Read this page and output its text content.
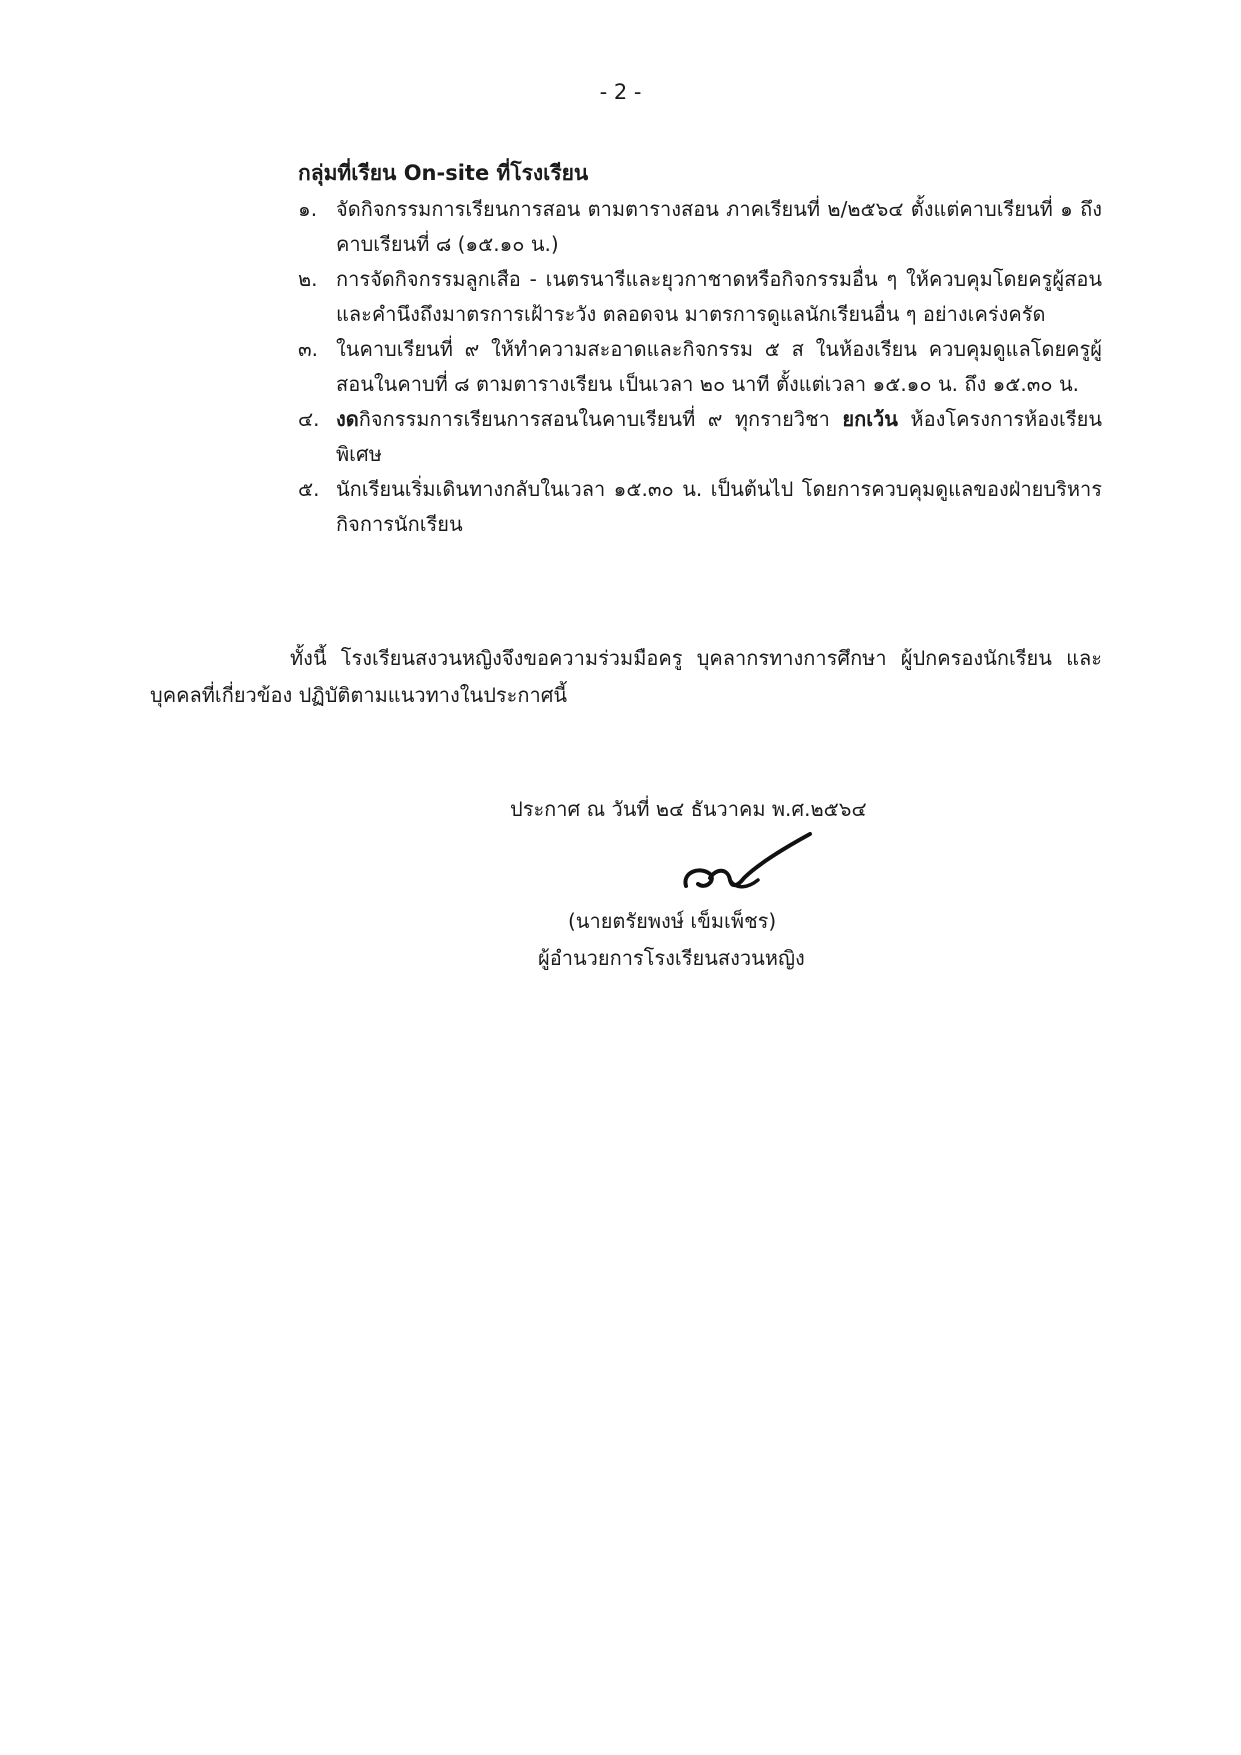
- 2 -
กลุ่มที่เรียน On-site ที่โรงเรียน
๑. จัดกิจกรรมการเรียนการสอน ตามตารางสอน ภาคเรียนที่ ๒/๒๕๖๔ ตั้งแต่คาบเรียนที่ ๑ ถึงคาบเรียนที่ ๘ (๑๕.๑๐ น.)
๒. การจัดกิจกรรมลูกเสือ - เนตรนารีและยุวกาชาดหรือกิจกรรมอื่น ๆ ให้ควบคุมโดยครูผู้สอนและคำนึงถึงมาตรการเฝ้าระวัง ตลอดจน มาตรการดูแลนักเรียนอื่น ๆ อย่างเคร่งครัด
๓. ในคาบเรียนที่ ๙ ให้ทำความสะอาดและกิจกรรม ๕ ส ในห้องเรียน ควบคุมดูแลโดยครูผู้สอนในคาบที่ ๘ ตามตารางเรียน เป็นเวลา ๒๐ นาที ตั้งแต่เวลา ๑๕.๑๐ น. ถึง ๑๕.๓๐ น.
๔. งดกิจกรรมการเรียนการสอนในคาบเรียนที่ ๙ ทุกรายวิชา ยกเว้น ห้องโครงการห้องเรียนพิเศษ
๕. นักเรียนเริ่มเดินทางกลับในเวลา ๑๕.๓๐ น. เป็นต้นไป โดยการควบคุมดูแลของฝ่ายบริหารกิจการนักเรียน

ทั้งนี้ โรงเรียนสงวนหญิงจึงขอความร่วมมือครู บุคลากรทางการศึกษา ผู้ปกครองนักเรียน และบุคคลที่เกี่ยวข้อง ปฏิบัติตามแนวทางในประกาศนี้

ประกาศ ณ วันที่ ๒๔ ธันวาคม พ.ศ.๒๕๖๔
(นายตรัยพงษ์ เข็มเพ็ชร)
ผู้อำนวยการโรงเรียนสงวนหญิง
